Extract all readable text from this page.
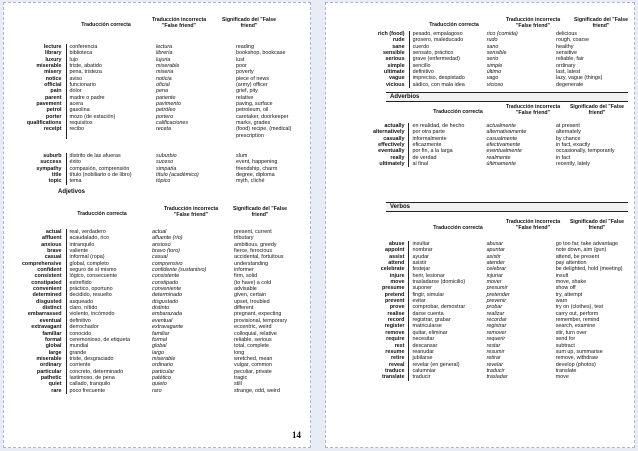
Traducción correcta
Traducción incorrecta "False friend"
Significado del "False friend"
lecture	conferencia	lectura	reading
library	biblioteca	librería	bookshop, bookcase
luxury	lujo	lujuria	lust
miserable	triste, abatido	miserable	poor
misery	pena, tristeza	miseria	poverty
notice	aviso	noticia	piece of news
official	funcionario	oficial	(army) officer
pain	dolor	pena	grief, pity
parent	madre o padre	pariente	relative
pavement	acera	pavimento	paving, surface
petrol	gasolina	petróleo	petroleum, oil
porter	mozo (de estación)	portero	caretaker, doorkeeper
qualifications	requisitos	calificaciones	marks, grades
receipt	recibo	receta	(food) recipe, (medical)
			prescription
suburb	distrito de las afueras	suburbio	slum
success	éxito	suceso	event, happening
sympathy	compasión, comprensión	simpatía	friendship, charm
title	título (nobiliario o de libro)	título (académico)	degree, diploma
topic	tema	tópico	myth, cliché
Adjetivos
Traducción correcta
Traducción incorrecta "False friend"
Significado del "False friend"
actual	real, verdadero	actual	present, current
affluent	acaudalado, rico	afluente (río)	tributary
anxious	intranquilo	ansioso	ambitious, greedy
brave	valiente	bravo (toro)	fierce, ferocious
casual	informal (ropa)	casual	accidental, fortuitous
comprehensive	global, completo	comprensivo	understanding
confident	seguro de sí mismo	confidente (sustantivo)	informer
consistent	lógico, consecuente	consistente	firm, solid
constipated	estreñido	constipado	(to have) a cold
convenient	práctico, oportuno	conveniente	advisable
determined	decidido, resuelto	determinado	given, certain
disgusted	asqueado	disgustado	upset, troubled
distinct	claro, nítido	distinto	different
embarrassed	violento, incómodo	embarazada	pregnant, expecting
eventual	definitivo	eventual	provisional, temporary
extravagant	derrochador	extravagante	eccentric, weird
familiar	conocido	familiar	colloquial, relative
formal	ceremonioso, de etiqueta	formal	reliable, serious
global	mundial	global	total, complete
large	grande	largo	long
miserable	triste, desgraciado	miserable	wretched, mean
ordinary	corriente	ordinario	vulgar, common
particular	concreto, determinado	particular	peculiar, private
pathetic	lastimoso, de pena	patético	tragic
quiet	callado, tranquilo	quieto	still
rare	poco frecuente	raro	strange, odd, weird
Traducción correcta
Traducción incorrecta "False friend"
Significado del "False friend"
rich (food)	pesado, empalagoso	rico (comida)	delicious
rude	grosero, maleducado	rudo	rough, coarse
sane	cuerdo	sano	healthy
sensible	sensato, práctico	sensible	sensitive
serious	grave (enfermedad)	serio	reliable, fair
simple	sencillo	simple	ordinary
ultimate	definitivo	último	last, latest
vague	impreciso, despistado	vago	lazy, vague (things)
vicious	sádico, con mala idea	vicioso	degenerate
Adverbios
Traducción correcta
Traducción incorrecta "False friend"
Significado del "False friend"
actually	en realidad, de hecho	actualmente	at present
alternatively	por otra parte	alternativamente	alternately
casually	informalmente	casualmente	by chance
effectively	eficazmente	efectivamente	in fact, exactly
eventually	por fin, a la larga	eventualmente	occasionally, temporarily
really	de verdad	realmente	in fact
ultimately	al final	últimamente	recently, lately
Verbos
Traducción correcta
Traducción incorrecta "False friend"
Significado del "False friend"
abuse	insultar	abusar	go too far, take advantage
appoint	nombrar	apuntar	note down, aim (gun)
assist	ayudar	asistir	attend, be present
attend	asistir	atender	pay attention
celebrate	festejar	celebrar	be delighted, hold (meeting)
injure	herir, lesionar	injuriar	insult
move	trasladarse (domicilio)	mover	move, shake
presume	suponer	presumir	show off
pretend	fingir, simular	pretender	try, attempt
prevent	evitar	prevenir	warn
prove	comprobar, demostrar	probar	try on (clothes), test
realise	darse cuenta	realizar	carry out, perform
record	registrar, grabar	recordar	remember, remind
register	matricularse	registrar	search, examine
remove	quitar, eliminar	remover	stir, turn over
require	necesitar	requerir	send for
rest	descansar	restar	subtract
resume	reanudar	resumir	sum up, summarise
retire	jubilarse	retirar	remove, withdraw
reveal	revelar (en general)	revelar	develop (photos)
traduce	calumniar	traducir	translate
translate	traducir	trasladar	move
14
